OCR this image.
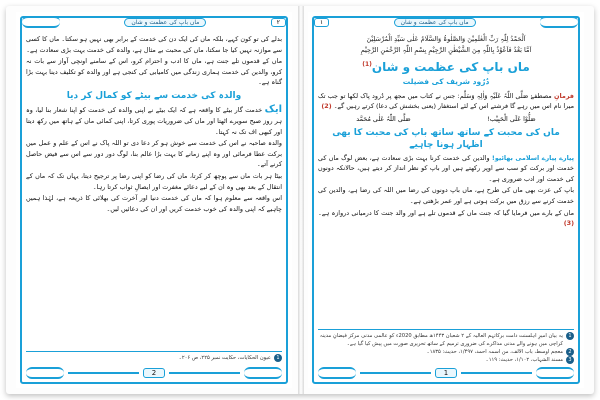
۲
ماں باپ کی عظمت و شان

بدلے کی تو کون کہے، بلکہ ماں کی ایک دن کی خدمت کے برابر بھی نہیں ہو سکتا۔ ماں کا کسی سے موازنہ نہیں کیا جا سکتا، ماں کی محبت بے مثال ہے، والدہ کی خدمت بہت بڑی سعادت ہے۔

ماں کے قدموں تلے جنت ہے، ماں کا ادب و احترام کرو، اس کے سامنے اونچی آواز سے بات نہ کرو، والدین کی خدمت ہماری زندگی میں کامیابی کی کنجی ہے اور والدہ کو تکلیف دینا بہت بڑا گناہ ہے۔

والدہ کی خدمت سے بیٹے کو کمال کر دیا

ایک خدمت گار بیٹے کا واقعہ ہے کہ ایک بیٹے نے اپنی والدہ کی خدمت کو اپنا شعار بنا لیا، وہ ہر روز صبح سویرے اٹھتا اور ماں کی ضروریات پوری کرتا، اپنی کمائی ماں کے ہاتھ میں رکھ دیتا اور کبھی اف تک نہ کہتا۔

والدہ صاحبہ نے اس کی خدمت سے خوش ہو کر دعا دی تو اللہ پاک نے اس کے علم و عمل میں برکت عطا فرمائی اور وہ اپنے زمانے کا بہت بڑا عالم بنا، لوگ دور دور سے اس سے فیض حاصل کرنے آتے۔

بیٹا ہر بات ماں سے پوچھ کر کرتا، ماں کی رضا کو اپنی رضا پر ترجیح دیتا، یہاں تک کہ ماں کے انتقال کے بعد بھی وہ ان کے لیے دعائے مغفرت اور ایصالِ ثواب کرتا رہا۔

اس واقعہ سے معلوم ہوا کہ ماں کی خدمت دنیا اور آخرت کی بھلائی کا ذریعہ ہے، لہٰذا ہمیں چاہیے کہ اپنی والدہ کی خوب خدمت کریں اور ان کی دعائیں لیں۔

1
عیون الحکایات، حکایت نمبر ۲۲۵، ص ۲۰۶۔
2
ماں باپ کی عظمت و شان
۱
اَلْحَمْدُ لِلّٰہِ رَبِّ الْعٰلَمِیْنَ وَالصَّلٰوۃُ وَالسَّلَامُ عَلٰی سَیِّدِ الْمُرْسَلِیْنَ
اَمَّا بَعْدُ فَاَعُوْذُ بِاللّٰہِ مِنَ الشَّیْطٰنِ الرَّجِیْمِ بِسْمِ اللّٰہِ الرَّحْمٰنِ الرَّحِیْمِ
ماں باپ کی عظمت و شان$^{(1)}$
دُرُود شریف کی فضیلت

فرمانِ مصطفےٰ صَلَّی اللّٰہُ عَلَیْہِ وَاٰلِہٖ وَسَلَّم: جس نے کتاب میں مجھ پر دُرود پاک لکھا تو جب تک میرا نام اس میں رہے گا فرشتے اس کے لئے استغفار (یعنی بخشش کی دعا) کرتے رہیں گے۔ (2)

صَلُّوْا عَلَی الْحَبِیْب!
صَلَّی اللّٰہُ عَلٰی مُحَمَّد
ماں کی محبت کے ساتھ ساتھ باپ کی محبت کا بھی اظہار ہونا چاہیے

پیارے پیارے اسلامی بھائیو! والدین کی خدمت کرنا بہت بڑی سعادت ہے، بعض لوگ ماں کی خدمت اور برکت کو سب سے اوپر رکھتے ہیں اور باپ کو نظر انداز کر دیتے ہیں، حالانکہ دونوں کی خدمت اور ادب ضروری ہے۔

باپ کی عزت بھی ماں کی طرح ہے، ماں باپ دونوں کی رضا میں اللہ کی رضا ہے، والدین کی خدمت کرنے سے رزق میں برکت ہوتی ہے اور عمر بڑھتی ہے۔

ماں کے بارے میں فرمایا گیا کہ جنت ماں کے قدموں تلے ہے اور والد جنت کا درمیانی دروازہ ہے۔ (3)

1
یہ بیان امیرِ اہلسنت دامت برکاتہم العالیہ کے ۲ شعبان ۱۴۴۳ھ مطابق 2020ء کو عالمی مدنی مرکز فیضانِ مدینہ کراچی میں ہونے والے مدنی مذاکرے کی ضروری ترمیم کے ساتھ تحریری صورت میں پیش کیا گیا ہے۔
2
معجم اوسط، باب الالف، من اسمہ احمد، ۱/۴۹۷، حدیث: ۱۸۳۵۔
3
مسند الشہاب، ۱/۱۰۲، حدیث: ۱۱۹۔
1
